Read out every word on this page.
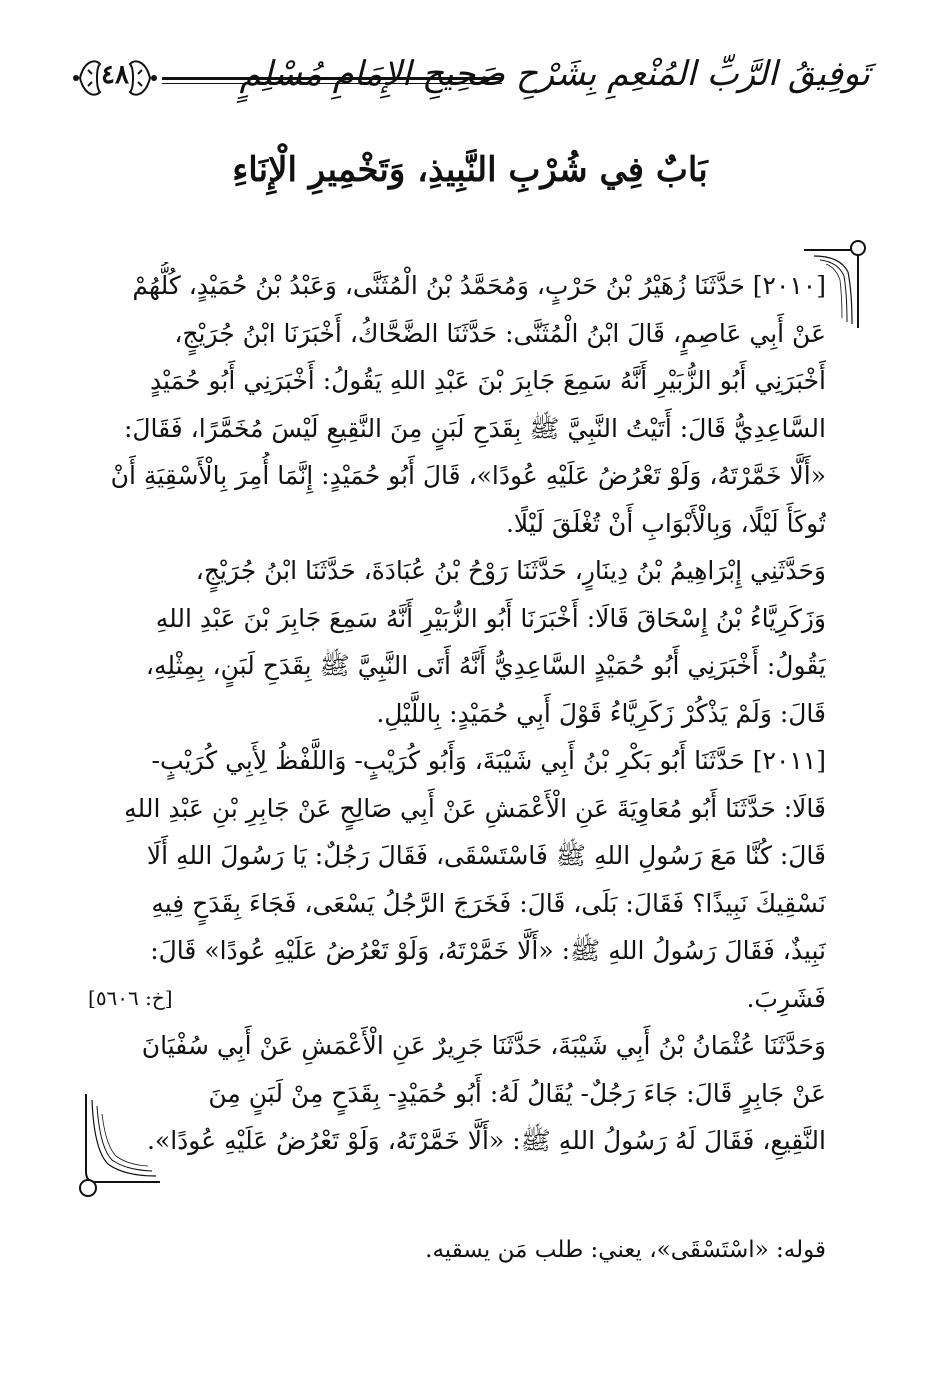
٤٨	تَوفِيقُ الرَّبِّ المُنْعِمِ بِشَرْحِ صَحِيحِ الإِمَامِ مُسْلِمٍ
بَابٌ فِي شُرْبِ النَّبِيذِ، وَتَخْمِيرِ الْإِنَاءِ
[٢٠١٠] حَدَّثَنَا زُهَيْرُ بْنُ حَرْبٍ، وَمُحَمَّدُ بْنُ الْمُثَنَّى، وَعَبْدُ بْنُ حُمَيْدٍ، كُلُّهُمْ
عَنْ أَبِي عَاصِمٍ، قَالَ ابْنُ الْمُثَنَّى: حَدَّثَنَا الضَّحَّاكُ، أَخْبَرَنَا ابْنُ جُرَيْجٍ،
أَخْبَرَنِي أَبُو الزُّبَيْرِ أَنَّهُ سَمِعَ جَابِرَ بْنَ عَبْدِ اللهِ يَقُولُ: أَخْبَرَنِي أَبُو حُمَيْدٍ
السَّاعِدِيُّ قَالَ: أَتَيْتُ النَّبِيَّ ﷺ بِقَدَحِ لَبَنٍ مِنَ النَّقِيعِ لَيْسَ مُخَمَّرًا، فَقَالَ:
«أَلَّا خَمَّرْتَهُ، وَلَوْ تَعْرُضُ عَلَيْهِ عُودًا»، قَالَ أَبُو حُمَيْدٍ: إِنَّمَا أُمِرَ بِالْأَسْقِيَةِ أَنْ
تُوكَأَ لَيْلًا، وَبِالْأَبْوَابِ أَنْ تُغْلَقَ لَيْلًا.
وَحَدَّثَنِي إِبْرَاهِيمُ بْنُ دِينَارٍ، حَدَّثَنَا رَوْحُ بْنُ عُبَادَةَ، حَدَّثَنَا ابْنُ جُرَيْجٍ،
وَزَكَرِيَّاءُ بْنُ إِسْحَاقَ قَالَا: أَخْبَرَنَا أَبُو الزُّبَيْرِ أَنَّهُ سَمِعَ جَابِرَ بْنَ عَبْدِ اللهِ
يَقُولُ: أَخْبَرَنِي أَبُو حُمَيْدٍ السَّاعِدِيُّ أَنَّهُ أَتَى النَّبِيَّ ﷺ بِقَدَحِ لَبَنٍ، بِمِثْلِهِ،
قَالَ: وَلَمْ يَذْكُرْ زَكَرِيَّاءُ قَوْلَ أَبِي حُمَيْدٍ: بِاللَّيْلِ.
[٢٠١١] حَدَّثَنَا أَبُو بَكْرِ بْنُ أَبِي شَيْبَةَ، وَأَبُو كُرَيْبٍ- وَاللَّفْظُ لِأَبِي كُرَيْبٍ-
قَالَا: حَدَّثَنَا أَبُو مُعَاوِيَةَ عَنِ الْأَعْمَشِ عَنْ أَبِي صَالِحٍ عَنْ جَابِرِ بْنِ عَبْدِ اللهِ
قَالَ: كُنَّا مَعَ رَسُولِ اللهِ ﷺ فَاسْتَسْقَى، فَقَالَ رَجُلٌ: يَا رَسُولَ اللهِ أَلَا
نَسْقِيكَ نَبِيذًا؟ فَقَالَ: بَلَى، قَالَ: فَخَرَجَ الرَّجُلُ يَسْعَى، فَجَاءَ بِقَدَحٍ فِيهِ
نَبِيذٌ، فَقَالَ رَسُولُ اللهِ ﷺ: «أَلَّا خَمَّرْتَهُ، وَلَوْ تَعْرُضُ عَلَيْهِ عُودًا» قَالَ:
فَشَرِبَ.
[خ: ٥٦٠٦]
وَحَدَّثَنَا عُثْمَانُ بْنُ أَبِي شَيْبَةَ، حَدَّثَنَا جَرِيرٌ عَنِ الْأَعْمَشِ عَنْ أَبِي سُفْيَانَ
عَنْ جَابِرٍ قَالَ: جَاءَ رَجُلٌ- يُقَالُ لَهُ: أَبُو حُمَيْدٍ- بِقَدَحٍ مِنْ لَبَنٍ مِنَ
النَّقِيعِ، فَقَالَ لَهُ رَسُولُ اللهِ ﷺ: «أَلَّا خَمَّرْتَهُ، وَلَوْ تَعْرُضُ عَلَيْهِ عُودًا».
قوله: «اسْتَسْقَى»، يعني: طلب مَن يسقيه.
